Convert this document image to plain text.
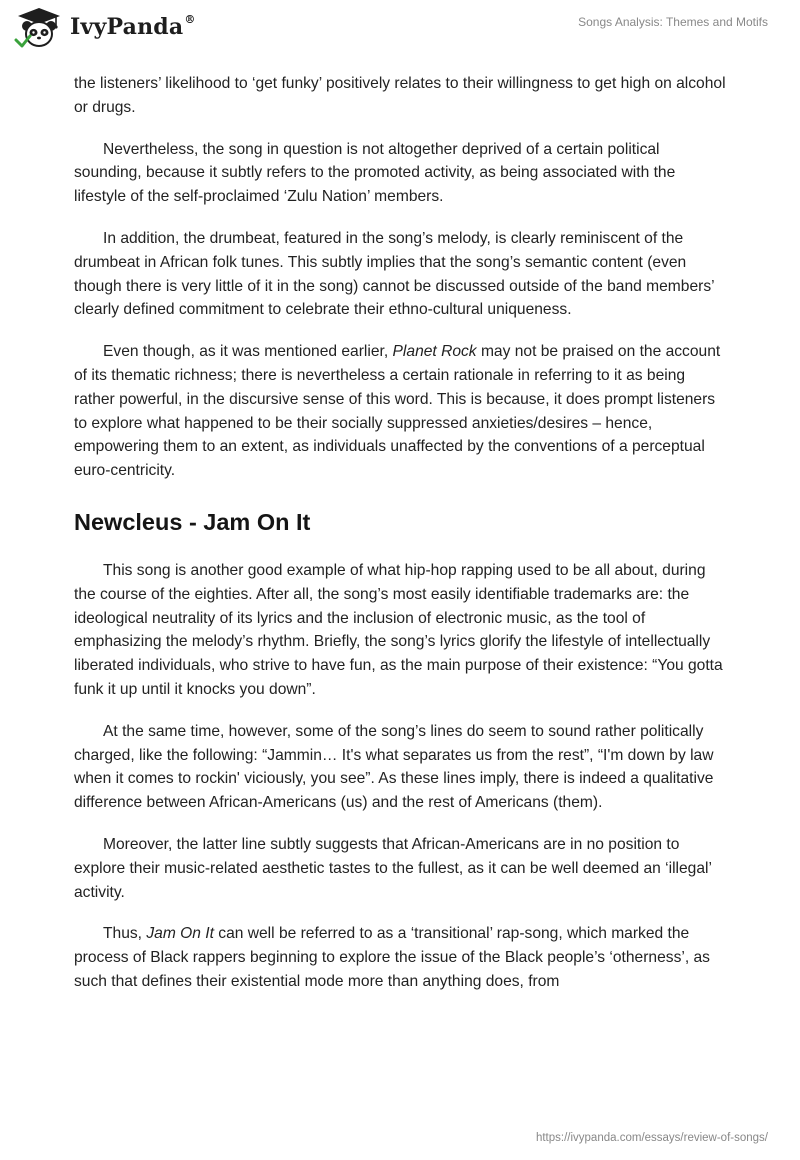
IvyPanda®	Songs Analysis: Themes and Motifs

the listeners’ likelihood to ‘get funky’ positively relates to their willingness to get high on alcohol or drugs.

Nevertheless, the song in question is not altogether deprived of a certain political sounding, because it subtly refers to the promoted activity, as being associated with the lifestyle of the self-proclaimed ‘Zulu Nation’ members.

In addition, the drumbeat, featured in the song’s melody, is clearly reminiscent of the drumbeat in African folk tunes. This subtly implies that the song’s semantic content (even though there is very little of it in the song) cannot be discussed outside of the band members’ clearly defined commitment to celebrate their ethno-cultural uniqueness.

Even though, as it was mentioned earlier, Planet Rock may not be praised on the account of its thematic richness; there is nevertheless a certain rationale in referring to it as being rather powerful, in the discursive sense of this word. This is because, it does prompt listeners to explore what happened to be their socially suppressed anxieties/desires – hence, empowering them to an extent, as individuals unaffected by the conventions of a perceptual euro-centricity.

Newcleus - Jam On It

This song is another good example of what hip-hop rapping used to be all about, during the course of the eighties. After all, the song’s most easily identifiable trademarks are: the ideological neutrality of its lyrics and the inclusion of electronic music, as the tool of emphasizing the melody’s rhythm. Briefly, the song’s lyrics glorify the lifestyle of intellectually liberated individuals, who strive to have fun, as the main purpose of their existence: “You gotta funk it up until it knocks you down”.

At the same time, however, some of the song’s lines do seem to sound rather politically charged, like the following: “Jammin… It's what separates us from the rest”, “I'm down by law when it comes to rockin' viciously, you see”. As these lines imply, there is indeed a qualitative difference between African-Americans (us) and the rest of Americans (them).

Moreover, the latter line subtly suggests that African-Americans are in no position to explore their music-related aesthetic tastes to the fullest, as it can be well deemed an ‘illegal’ activity.

Thus, Jam On It can well be referred to as a ‘transitional’ rap-song, which marked the process of Black rappers beginning to explore the issue of the Black people’s ‘otherness’, as such that defines their existential mode more than anything does, from

https://ivypanda.com/essays/review-of-songs/
